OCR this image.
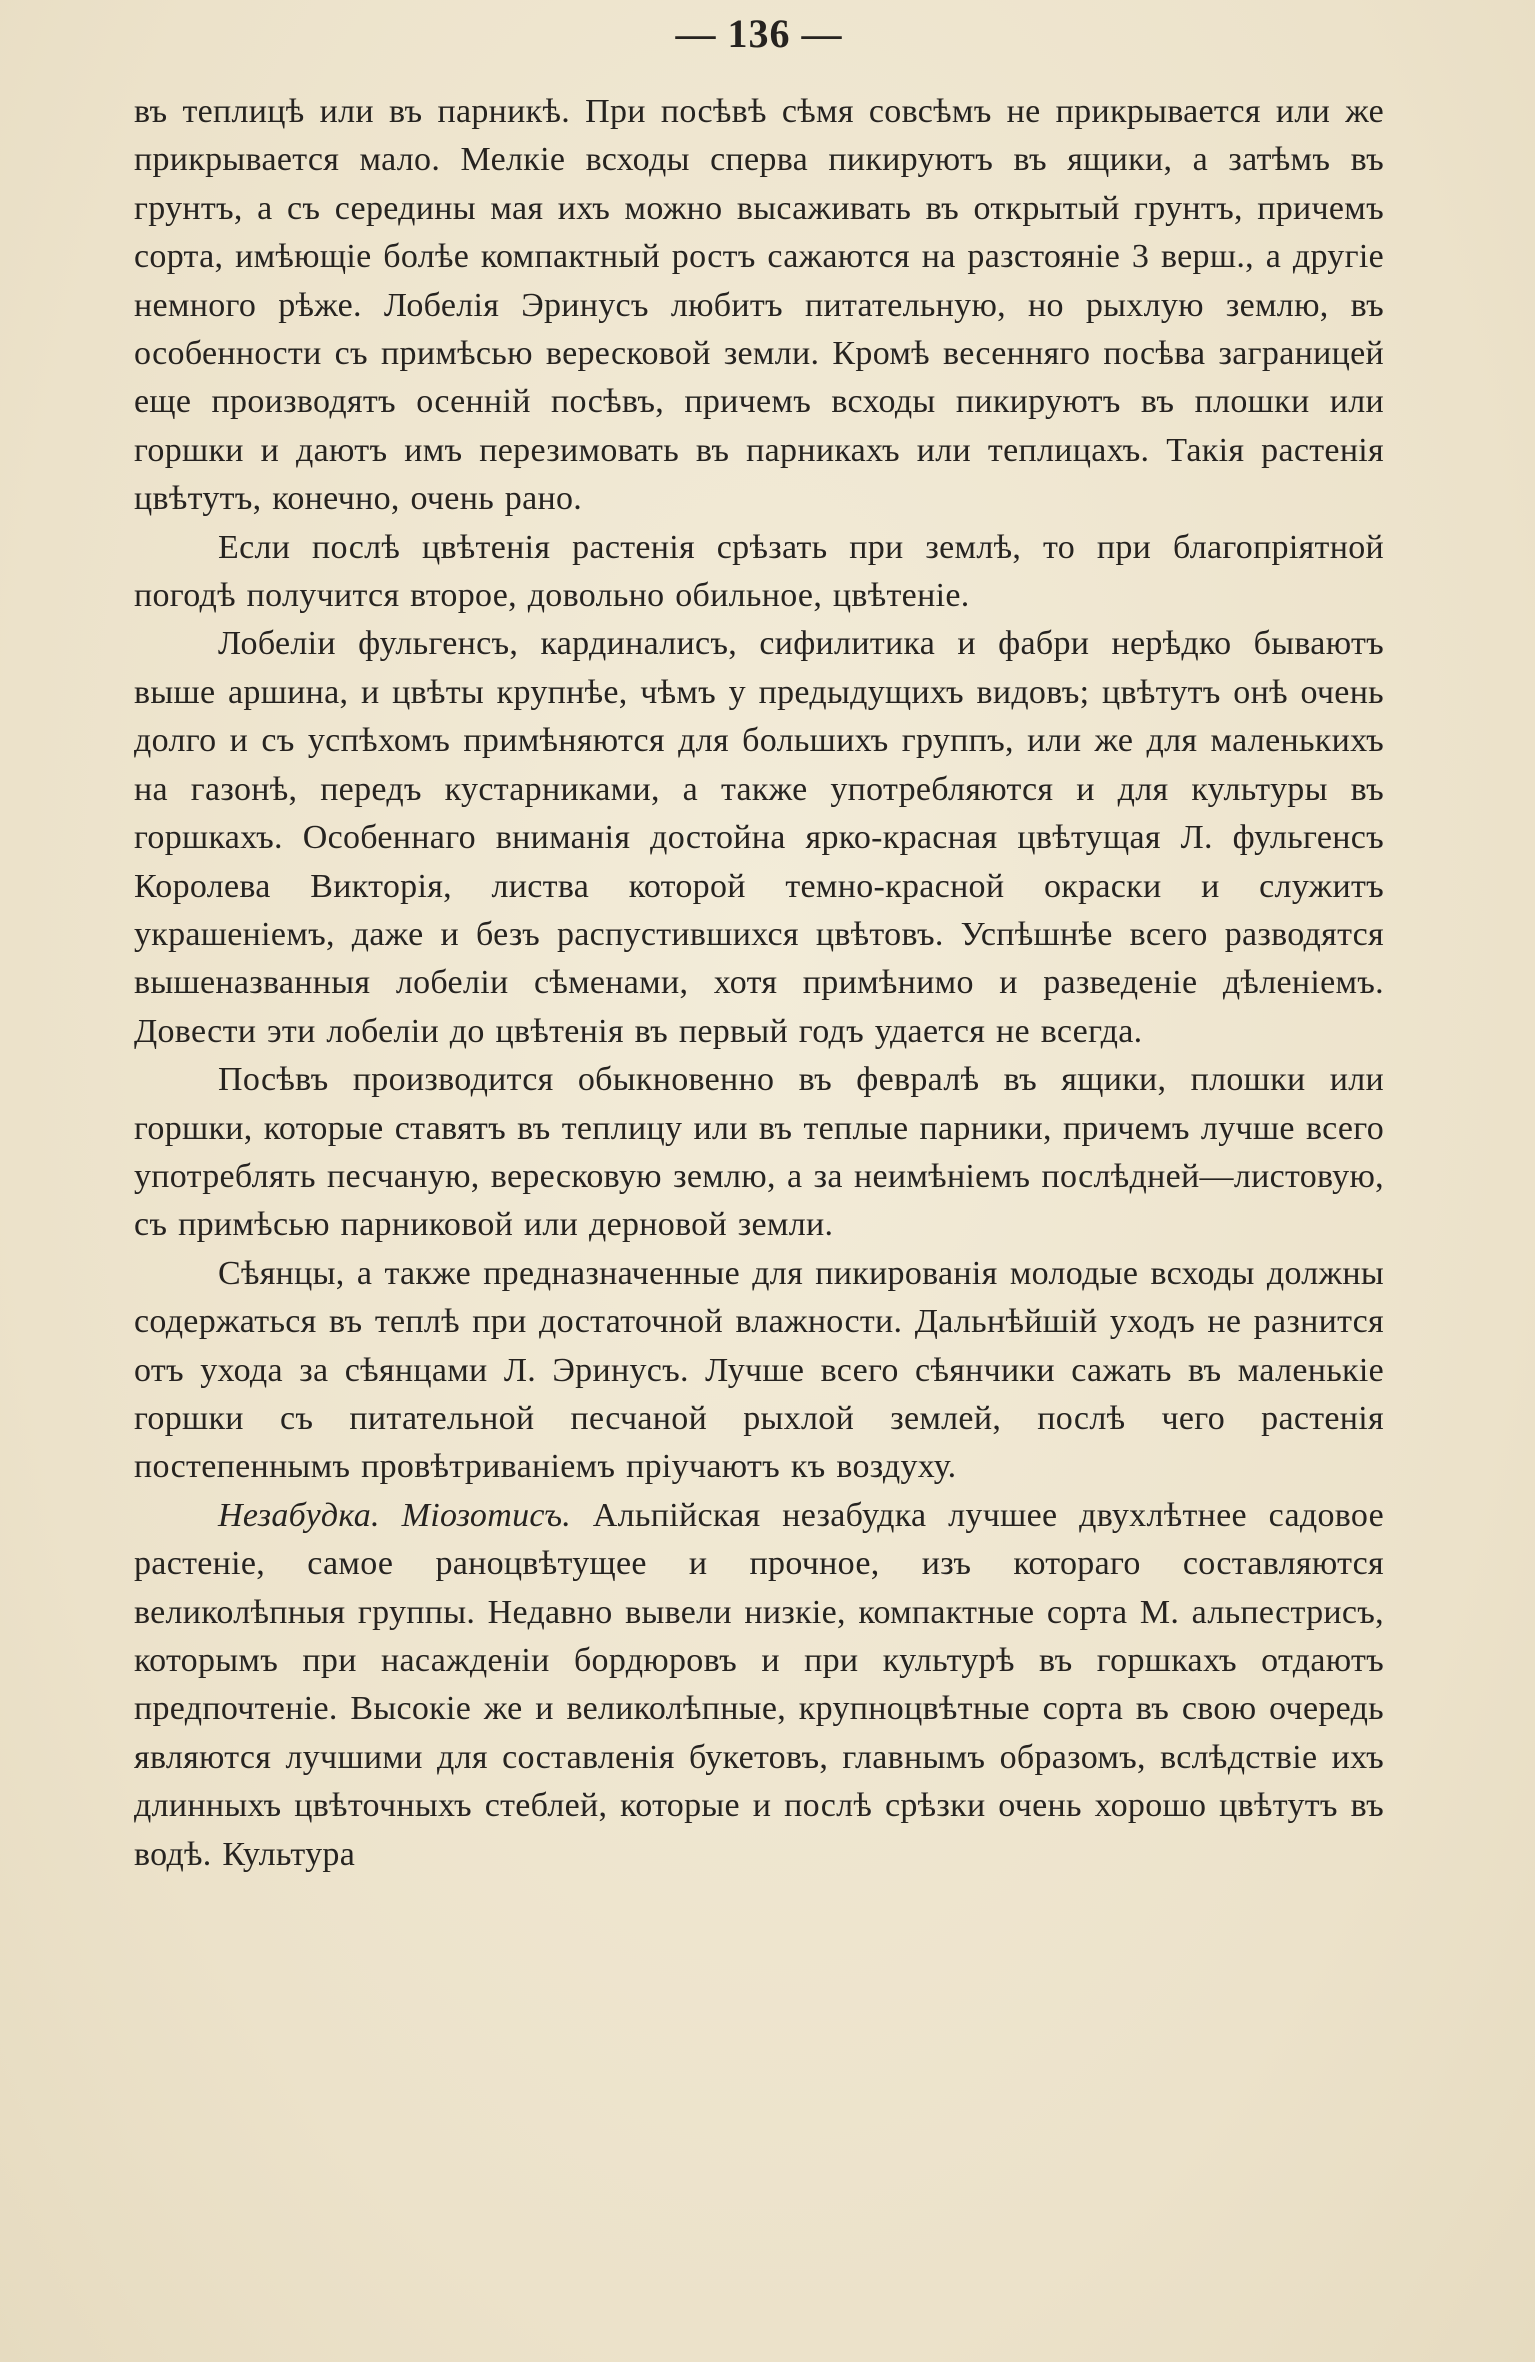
— 136 —

въ теплицѣ или въ парникѣ. При посѣвѣ сѣмя совсѣмъ не прикрывается или же прикрывается мало. Мелкіе всходы сперва пикируютъ въ ящики, а затѣмъ въ грунтъ, а съ середины мая ихъ можно высаживать въ открытый грунтъ, причемъ сорта, имѣющіе болѣе компактный ростъ сажаются на разстояніе 3 верш., а другіе немного рѣже. Лобелія Эринусъ любитъ питательную, но рыхлую землю, въ особенности съ примѣсью вересковой земли. Кромѣ весенняго посѣва заграницей еще производятъ осеннiй посѣвъ, причемъ всходы пикируютъ въ плошки или горшки и даютъ имъ перезимовать въ парникахъ или теплицахъ. Такія растенія цвѣтутъ, конечно, очень рано.

Если послѣ цвѣтенія растенія срѣзать при землѣ, то при благопріятной погодѣ получится второе, довольно обильное, цвѣтеніе.

Лобеліи фульгенсъ, кардиналисъ, сифилитика и фабри нерѣдко бываютъ выше аршина, и цвѣты крупнѣе, чѣмъ у предыдущихъ видовъ; цвѣтутъ онѣ очень долго и съ успѣхомъ примѣняются для большихъ группъ, или же для маленькихъ на газонѣ, передъ кустарниками, а также употребляются и для культуры въ горшкахъ. Особеннаго вниманія достойна ярко-красная цвѣтущая Л. фульгенсъ Королева Викторія, листва которой темно-красной окраски и служитъ украшеніемъ, даже и безъ распустившихся цвѣтовъ. Успѣшнѣе всего разводятся вышеназванныя лобеліи сѣменами, хотя примѣнимо и разведеніе дѣленіемъ. Довести эти лобеліи до цвѣтенія въ первый годъ удается не всегда.

Посѣвъ производится обыкновенно въ февралѣ въ ящики, плошки или горшки, которые ставятъ въ теплицу или въ теплые парники, причемъ лучше всего употреблять песчаную, вересковую землю, а за неимѣніемъ послѣдней—листовую, съ примѣсью парниковой или дерновой земли.

Сѣянцы, а также предназначенные для пикированія молодые всходы должны содержаться въ теплѣ при достаточной влажности. Дальнѣйшій уходъ не разнится отъ ухода за сѣянцами Л. Эринусъ. Лучше всего сѣянчики сажать въ маленькіе горшки съ питательной песчаной рыхлой землей, послѣ чего растенія постепеннымъ провѣтриваніемъ пріучаютъ къ воздуху.

Незабудка. Міозотисъ. Альпійская незабудка лучшее двухлѣтнее садовое растеніе, самое раноцвѣтущее и прочное, изъ котораго составляются великолѣпныя группы. Недавно вывели низкіе, компактные сорта М. альпестрисъ, которымъ при насажденіи бордюровъ и при культурѣ въ горшкахъ отдаютъ предпочтеніе. Высокіе же и великолѣпные, крупноцвѣтные сорта въ свою очередь являются лучшими для составленія букетовъ, главнымъ образомъ, вслѣдствіе ихъ длинныхъ цвѣточныхъ стеблей, которые и послѣ срѣзки очень хорошо цвѣтутъ въ водѣ. Культура
